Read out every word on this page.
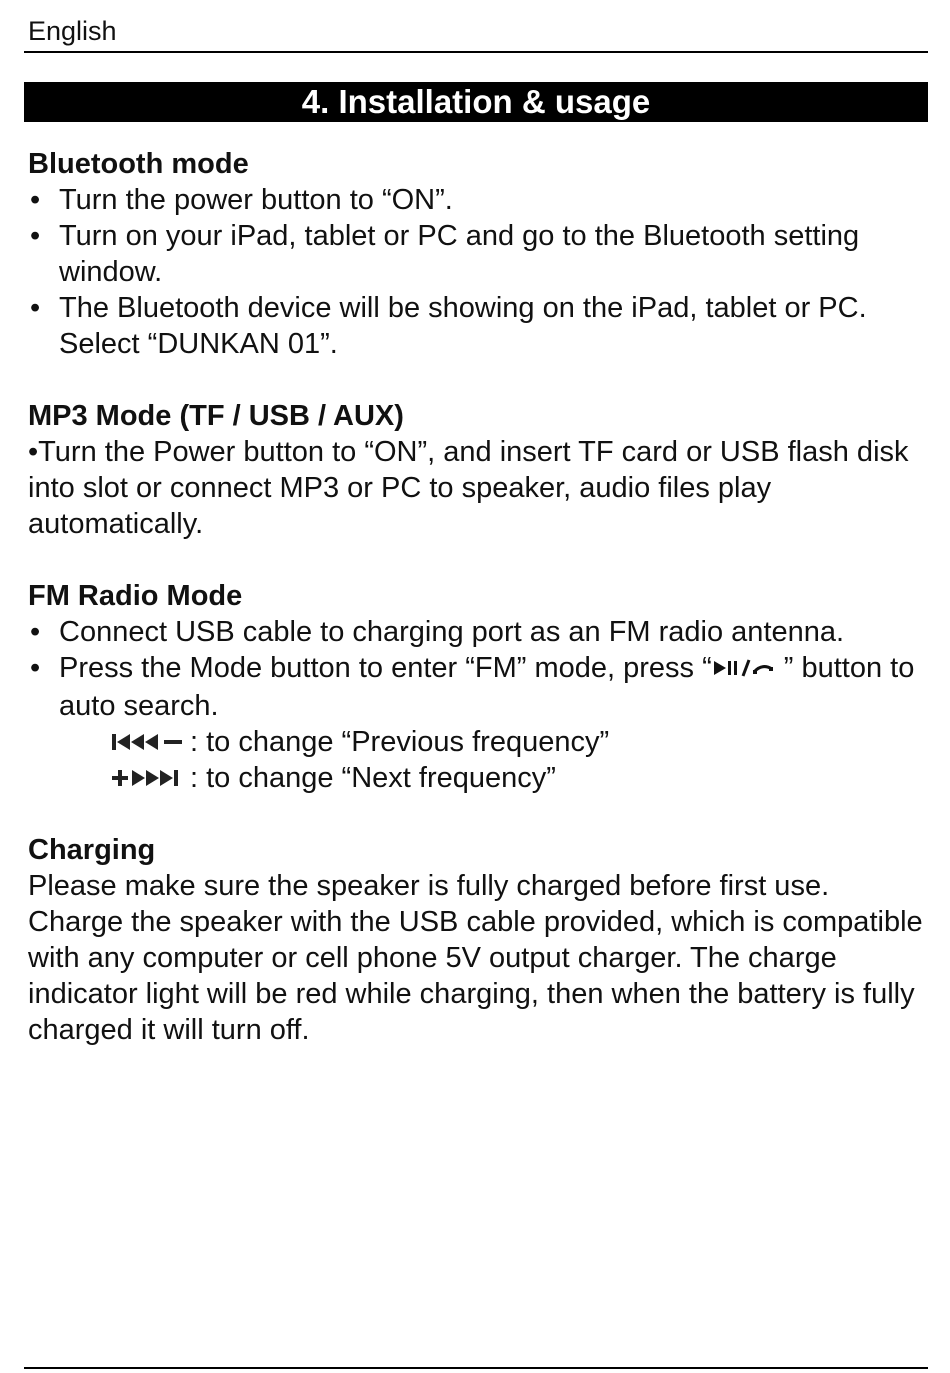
English
4. Installation & usage
Bluetooth mode
• Turn the power button to “ON”.
• Turn on your iPad, tablet or PC and go to the Bluetooth setting window.
• The Bluetooth device will be showing on the iPad, tablet or PC. Select “DUNKAN 01”.
MP3 Mode (TF / USB / AUX)

•Turn the Power button to “ON”, and insert TF card or USB flash disk into slot or connect MP3 or PC to speaker, audio files play automatically.

FM Radio Mode
• Connect USB cable to charging port as an FM radio antenna.
• Press the Mode button to enter “FM” mode, press “ ” button to auto search.
: to change “Previous frequency”
: to change “Next frequency”
Charging

Please make sure the speaker is fully charged before first use. Charge the speaker with the USB cable provided, which is compatible with any computer or cell phone 5V output charger. The charge indicator light will be red while charging, then when the battery is fully charged it will turn off.
